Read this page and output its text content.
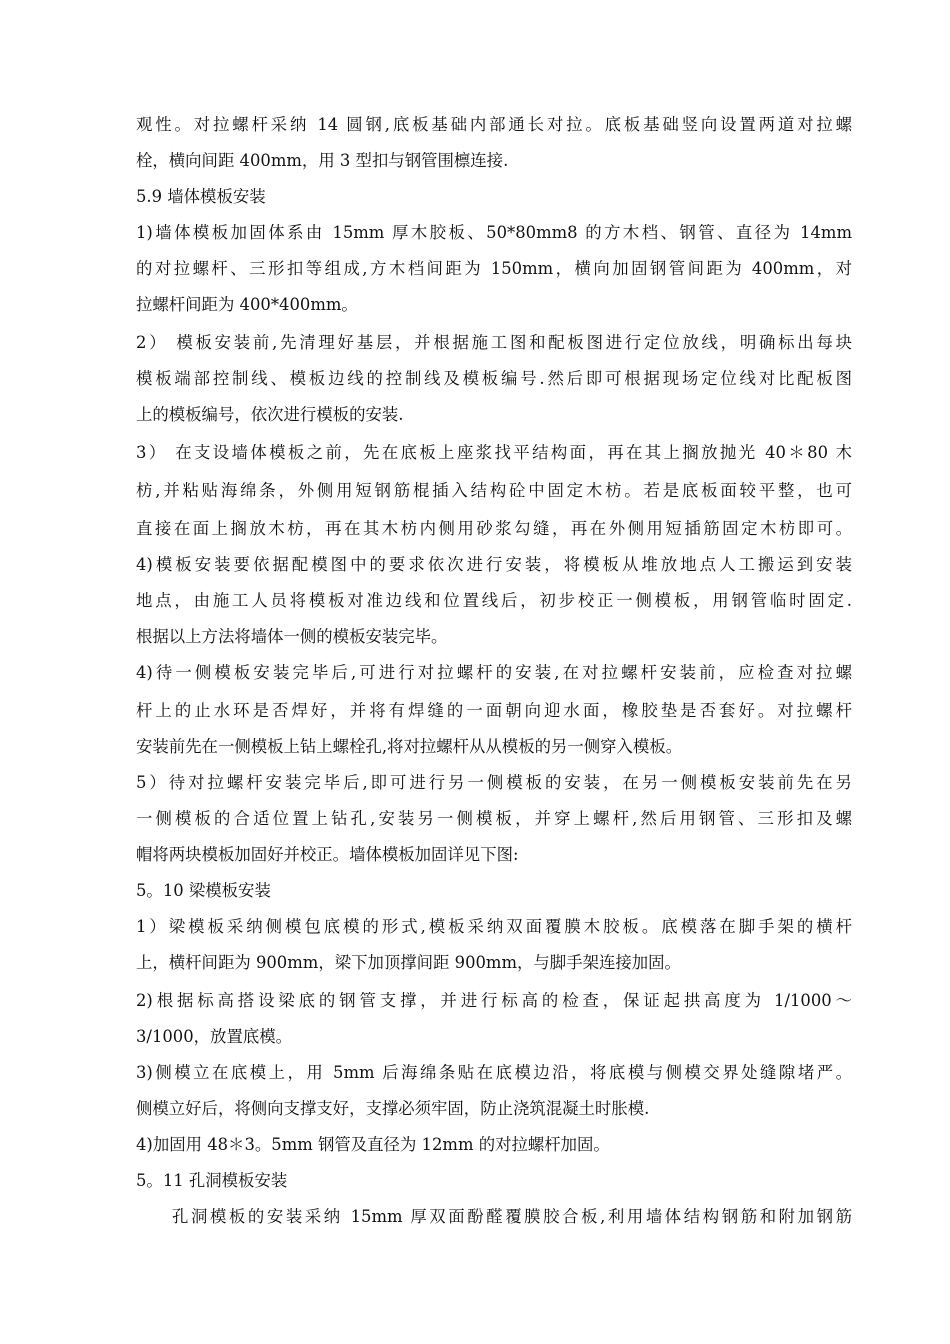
观性。对拉螺杆采纳 14 圆钢,底板基础内部通长对拉。底板基础竖向设置两道对拉螺
栓，横向间距 400mm，用 3 型扣与钢管围檩连接.
5.9 墙体模板安装
1)墙体模板加固体系由 15mm 厚木胶板、50*80mm8 的方木档、钢管、直径为 14mm
的对拉螺杆、三形扣等组成,方木档间距为 150mm，横向加固钢管间距为 400mm，对
拉螺杆间距为 400*400mm。
2） 模板安装前,先清理好基层，并根据施工图和配板图进行定位放线，明确标出每块
模板端部控制线、模板边线的控制线及模板编号.然后即可根据现场定位线对比配板图
上的模板编号，依次进行模板的安装.
3） 在支设墙体模板之前，先在底板上座浆找平结构面，再在其上搁放抛光 40＊80 木
枋,并粘贴海绵条，外侧用短钢筋棍插入结构砼中固定木枋。若是底板面较平整，也可
直接在面上搁放木枋，再在其木枋内侧用砂浆勾缝，再在外侧用短插筋固定木枋即可。
4)模板安装要依据配模图中的要求依次进行安装，将模板从堆放地点人工搬运到安装
地点，由施工人员将模板对准边线和位置线后，初步校正一侧模板，用钢管临时固定.
根据以上方法将墙体一侧的模板安装完毕。
4)待一侧模板安装完毕后,可进行对拉螺杆的安装,在对拉螺杆安装前，应检查对拉螺
杆上的止水环是否焊好，并将有焊缝的一面朝向迎水面，橡胶垫是否套好。对拉螺杆
安装前先在一侧模板上钻上螺栓孔,将对拉螺杆从从模板的另一侧穿入模板。
5）待对拉螺杆安装完毕后,即可进行另一侧模板的安装，在另一侧模板安装前先在另
一侧模板的合适位置上钻孔,安装另一侧模板，并穿上螺杆,然后用钢管、三形扣及螺
帽将两块模板加固好并校正。墙体模板加固详见下图:
5。10 梁模板安装
1）梁模板采纳侧模包底模的形式,模板采纳双面覆膜木胶板。底模落在脚手架的横杆
上，横杆间距为 900mm，梁下加顶撑间距 900mm，与脚手架连接加固。
2)根据标高搭设梁底的钢管支撑，并进行标高的检查，保证起拱高度为 1/1000～
3/1000，放置底模。
3)侧模立在底模上，用 5mm 后海绵条贴在底模边沿，将底模与侧模交界处缝隙堵严。
侧模立好后，将侧向支撑支好，支撑必须牢固，防止浇筑混凝土时胀模.
4)加固用 48＊3。5mm 钢管及直径为 12mm 的对拉螺杆加固。
5。11 孔洞模板安装
孔洞模板的安装采纳 15mm 厚双面酚醛覆膜胶合板,利用墙体结构钢筋和附加钢筋
